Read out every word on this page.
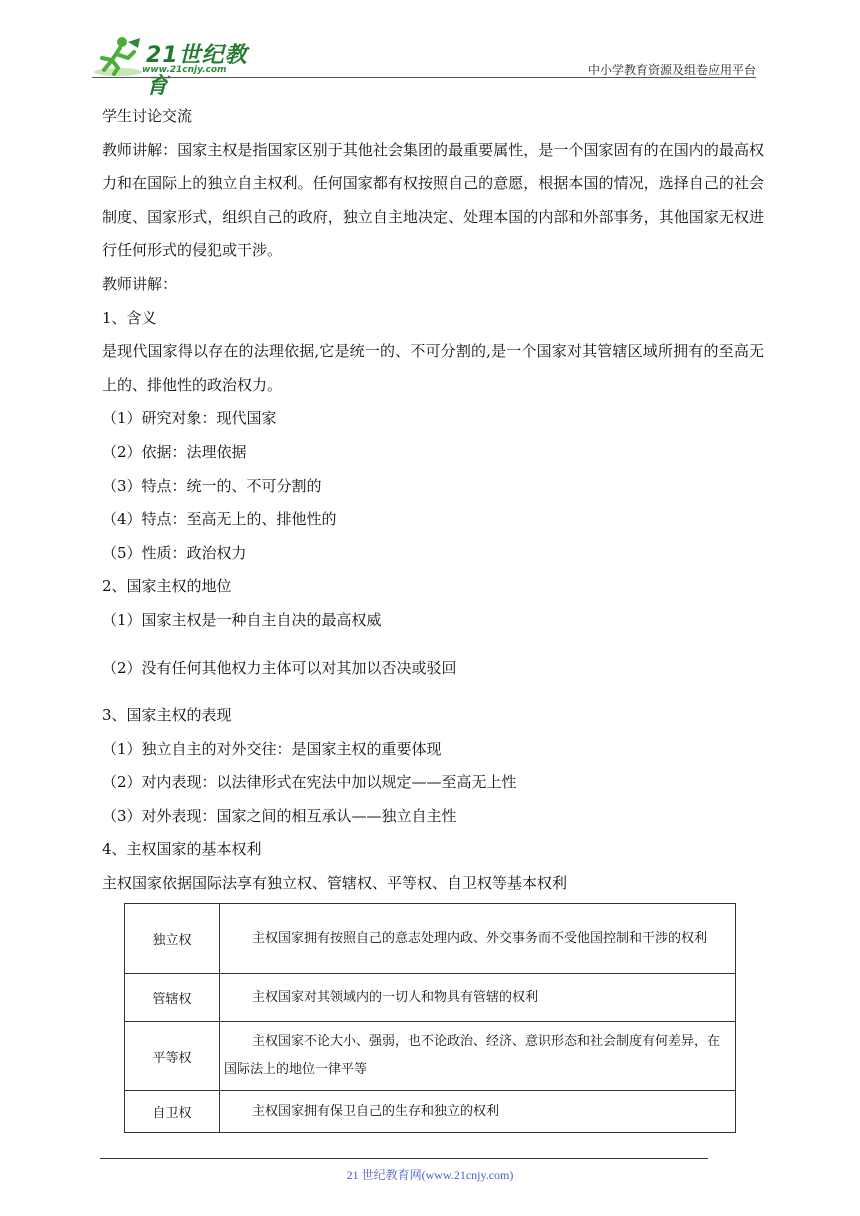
21世纪教育
www.21cnjy.com	中小学教育资源及组卷应用平台

学生讨论交流

教师讲解：国家主权是指国家区别于其他社会集团的最重要属性，是一个国家固有的在国内的最高权力和在国际上的独立自主权利。任何国家都有权按照自己的意愿，根据本国的情况，选择自己的社会制度、国家形式，组织自己的政府，独立自主地决定、处理本国的内部和外部事务，其他国家无权进行任何形式的侵犯或干涉。

教师讲解：

1、含义

是现代国家得以存在的法理依据,它是统一的、不可分割的,是一个国家对其管辖区域所拥有的至高无上的、排他性的政治权力。

（1）研究对象：现代国家

（2）依据：法理依据

（3）特点：统一的、不可分割的

（4）特点：至高无上的、排他性的

（5）性质：政治权力

2、国家主权的地位

（1）国家主权是一种自主自决的最高权威

（2）没有任何其他权力主体可以对其加以否决或驳回

3、国家主权的表现

（1）独立自主的对外交往：是国家主权的重要体现

（2）对内表现：以法律形式在宪法中加以规定——至高无上性

（3）对外表现：国家之间的相互承认——独立自主性

4、主权国家的基本权利

主权国家依据国际法享有独立权、管辖权、平等权、自卫权等基本权利

独立权	主权国家拥有按照自己的意志处理内政、外交事务而不受他国控制和干涉的权利
管辖权	主权国家对其领域内的一切人和物具有管辖的权利
平等权	主权国家不论大小、强弱，也不论政治、经济、意识形态和社会制度有何差异，在国际法上的地位一律平等
自卫权	主权国家拥有保卫自己的生存和独立的权利
21 世纪教育网(www.21cnjy.com)
